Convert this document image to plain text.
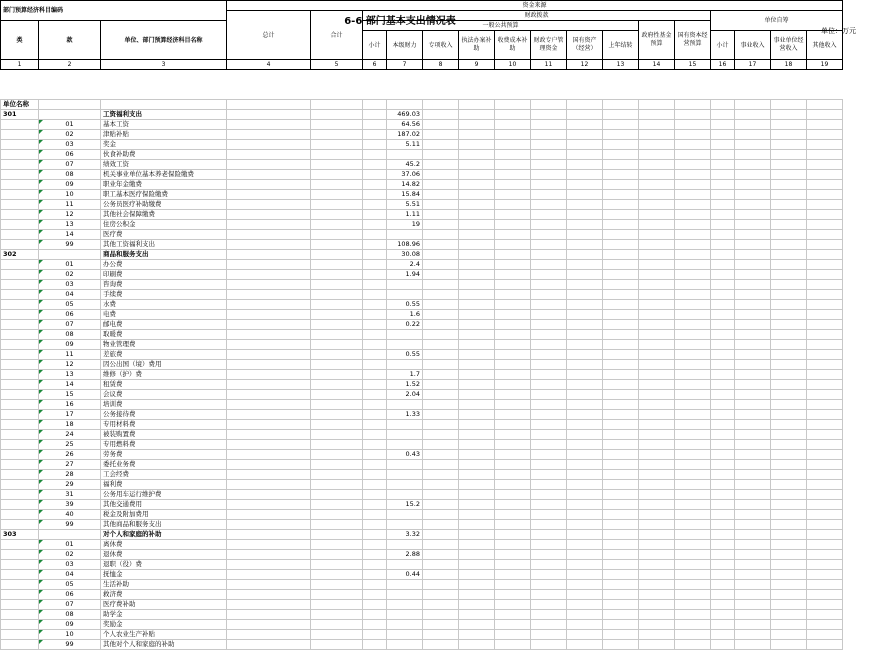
6-6 部门基本支出情况表
单位：万元
部门预算经济科目编码			资金来源															
			总计	合计	财政拨款										单位自筹			
类	款	单位、部门预算经济科目名称			一般公共预算								政府性基金预算	国有资本经营预算				
					小计	本级财力	专项收入	执法办案补助	收费成本补助	财政专户管理资金	国有资产（经营）	上年结转			小计	事业收入	事业单位经营收入	其他收入

1	2	3	4	5	6	7	8	9	10	11	12	13	14	15	16	17	18	19
单位名称																		
301		工资福利支出				469.03												
	01	基本工资				64.56												
	02	津贴补贴				187.02												
	03	奖金				5.11												
	06	伙食补助费																
	07	绩效工资				45.2												
	08	机关事业单位基本养老保险缴费				37.06												
	09	职业年金缴费				14.82												
	10	职工基本医疗保险缴费				15.84												
	11	公务员医疗补助缴费				5.51												
	12	其他社会保障缴费				1.11												
	13	住房公积金				19												
	14	医疗费																
	99	其他工资福利支出				108.96												
302		商品和服务支出				30.08												
	01	办公费				2.4												
	02	印刷费				1.94												
	03	咨询费																
	04	手续费																
	05	水费				0.55												
	06	电费				1.6												
	07	邮电费				0.22												
	08	取暖费																
	09	物业管理费																
	11	差旅费				0.55												
	12	因公出国（境）费用																
	13	维修（护）费				1.7												
	14	租赁费				1.52												
	15	会议费				2.04												
	16	培训费																
	17	公务接待费				1.33												
	18	专用材料费																
	24	被装购置费																
	25	专用燃料费																
	26	劳务费				0.43												
	27	委托业务费																
	28	工会经费																
	29	福利费																
	31	公务用车运行维护费																
	39	其他交通费用				15.2												
	40	税金及附加费用																
	99	其他商品和服务支出																
303		对个人和家庭的补助				3.32												
	01	离休费																
	02	退休费				2.88												
	03	退职（役）费																
	04	抚恤金				0.44												
	05	生活补助																
	06	救济费																
	07	医疗费补助																
	08	助学金																
	09	奖励金																
	10	个人农业生产补贴																
	99	其他对个人和家庭的补助																
